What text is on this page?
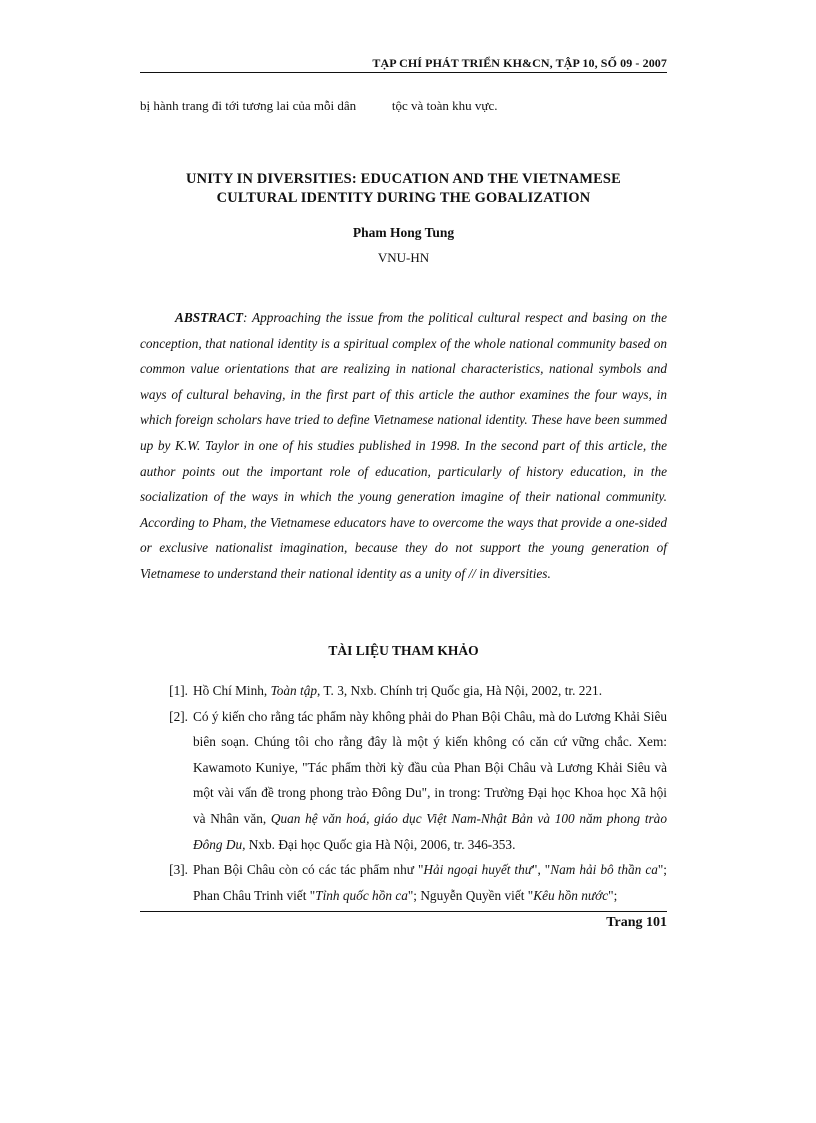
TẠP CHÍ PHÁT TRIỂN KH&CN, TẬP 10, SỐ 09 - 2007
bị hành trang đi tới tương lai của mỗi dân           tộc và toàn khu vực.
UNITY IN DIVERSITIES: EDUCATION AND THE VIETNAMESE
CULTURAL IDENTITY DURING THE GOBALIZATION
Pham Hong Tung
VNU-HN

ABSTRACT: Approaching the issue from the political cultural respect and basing on the conception, that national identity is a spiritual complex of the whole national community based on common value orientations that are realizing in national characteristics, national symbols and ways of cultural behaving, in the first part of this article the author examines the four ways, in which foreign scholars have tried to define Vietnamese national identity. These have been summed up by K.W. Taylor in one of his studies published in 1998. In the second part of this article, the author points out the important role of education, particularly of history education, in the socialization of the ways in which the young generation imagine of their national community. According to Pham, the Vietnamese educators have to overcome the ways that provide a one-sided or exclusive nationalist imagination, because they do not support the young generation of Vietnamese to understand their national identity as a unity of // in diversities.

TÀI LIỆU THAM KHẢO
[1]. Hồ Chí Minh, Toàn tập, T. 3, Nxb. Chính trị Quốc gia, Hà Nội, 2002, tr. 221.
[2]. Có ý kiến cho rằng tác phẩm này không phải do Phan Bội Châu, mà do Lương Khải Siêu biên soạn. Chúng tôi cho rằng đây là một ý kiến không có căn cứ vững chắc. Xem: Kawamoto Kuniye, "Tác phẩm thời kỳ đầu của Phan Bội Châu và Lương Khải Siêu và một vài vấn đề trong phong trào Đông Du", in trong: Trường Đại học Khoa học Xã hội và Nhân văn, Quan hệ văn hoá, giáo dục Việt Nam-Nhật Bản và 100 năm phong trào Đông Du, Nxb. Đại học Quốc gia Hà Nội, 2006, tr. 346-353.
[3]. Phan Bội Châu còn có các tác phẩm như "Hải ngoại huyết thư", "Nam hải bô thần ca"; Phan Châu Trinh viết "Tỉnh quốc hồn ca"; Nguyễn Quyền viết "Kêu hồn nước";
Trang 101
